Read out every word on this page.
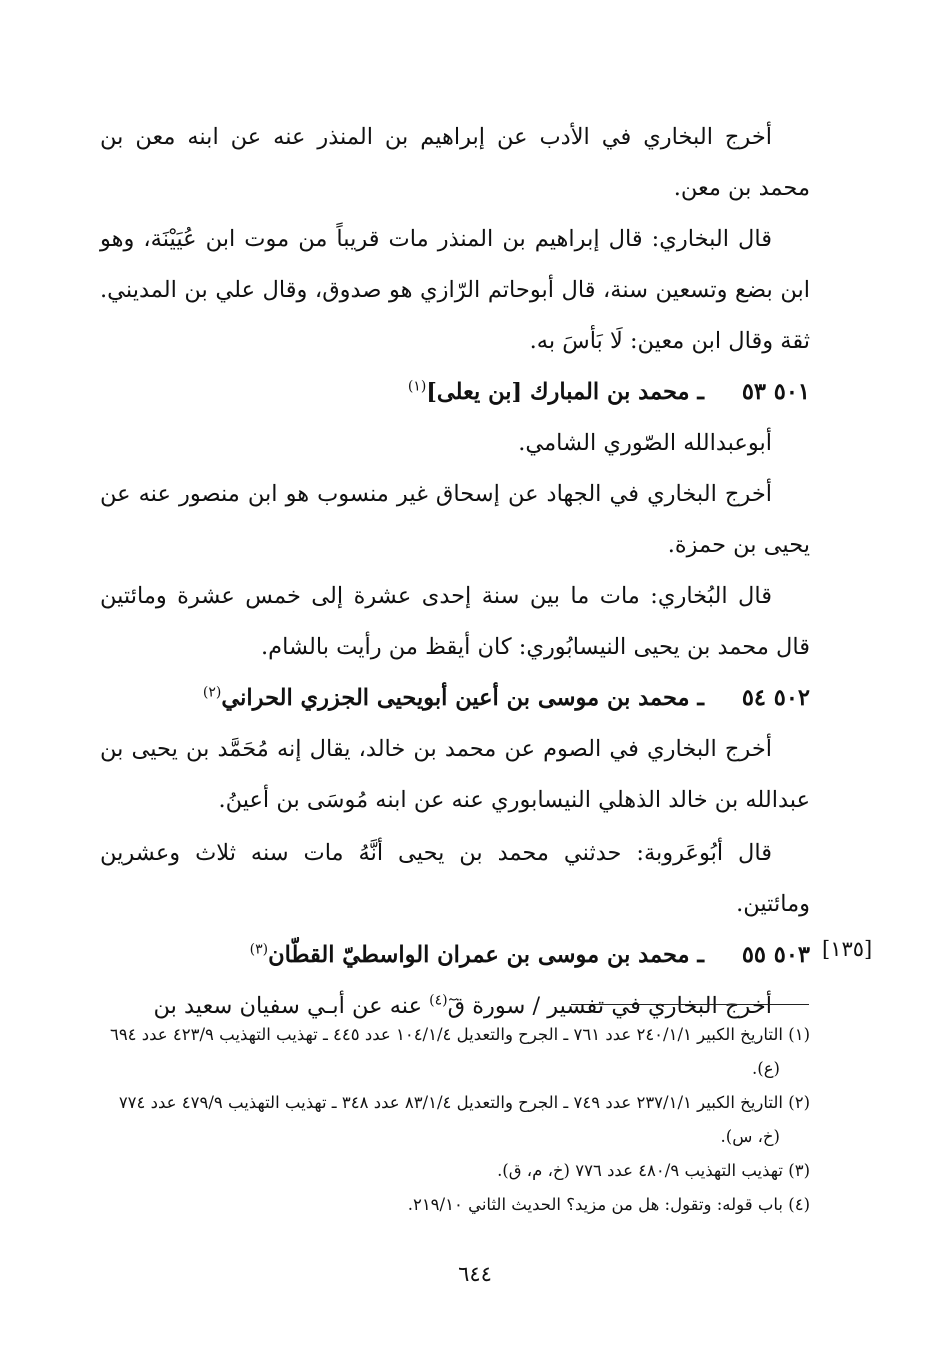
أخرج البخاري في الأدب عن إبراهيم بن المنذر عنه عن ابنه معن بن محمد بن معن.

قال البخاري: قال إبراهيم بن المنذر مات قريباً من موت ابن عُيَيْنَة، وهو ابن بضع وتسعين سنة، قال أبوحاتم الرّازي هو صدوق، وقال علي بن المديني. ثقة وقال ابن معين: لَا بَأسَ به.

٥٠١
٥٣
ـ محمد بن المبارك [بن يعلى]$^{(١)}$

أبوعبدالله الصّوري الشامي.

أخرج البخاري في الجهاد عن إسحاق غير منسوب هو ابن منصور عنه عن يحيى بن حمزة.

قال البُخاري: مات ما بين سنة إحدى عشرة إلى خمس عشرة ومائتين قال محمد بن يحيى النيسابُوري: كان أيقظ من رأيت بالشام.

٥٠٢
٥٤
ـ محمد بن موسى بن أعين أبويحيى الجزري الحراني$^{(٢)}$

أخرج البخاري في الصوم عن محمد بن خالد، يقال إنه مُحَمَّد بن يحيى بن عبدالله بن خالد الذهلي النيسابوري عنه عن ابنه مُوسَى بن أعينُ.

قال أبُوعَروبة: حدثني محمد بن يحيى أنَّهُ مات سنه ثلاث وعشرين ومائتين.

٥٠٣
٥٥
ـ محمد بن موسى بن عمران الواسطيّ القطّان$^{(٣)}$

أخرج البخاري في تفسير / سورة قٓ$^{(٤)}$ عنه عن أبـي سفيان سعيد بن

[١٣٥]

(١) التاريخ الكبير ٢٤٠/١/١ عدد ٧٦١ ـ الجرح والتعديل ١٠٤/١/٤ عدد ٤٤٥ ـ تهذيب التهذيب ٤٢٣/٩ عدد ٦٩٤ (ع).

(٢) التاريخ الكبير ٢٣٧/١/١ عدد ٧٤٩ ـ الجرح والتعديل ٨٣/١/٤ عدد ٣٤٨ ـ تهذيب التهذيب ٤٧٩/٩ عدد ٧٧٤ (خ، س).

(٣) تهذيب التهذيب ٤٨٠/٩ عدد ٧٧٦ (خ، م، ق).

(٤) باب قوله: وتقول: هل من مزيد؟ الحديث الثاني ٢١٩/١٠.

٦٤٤
